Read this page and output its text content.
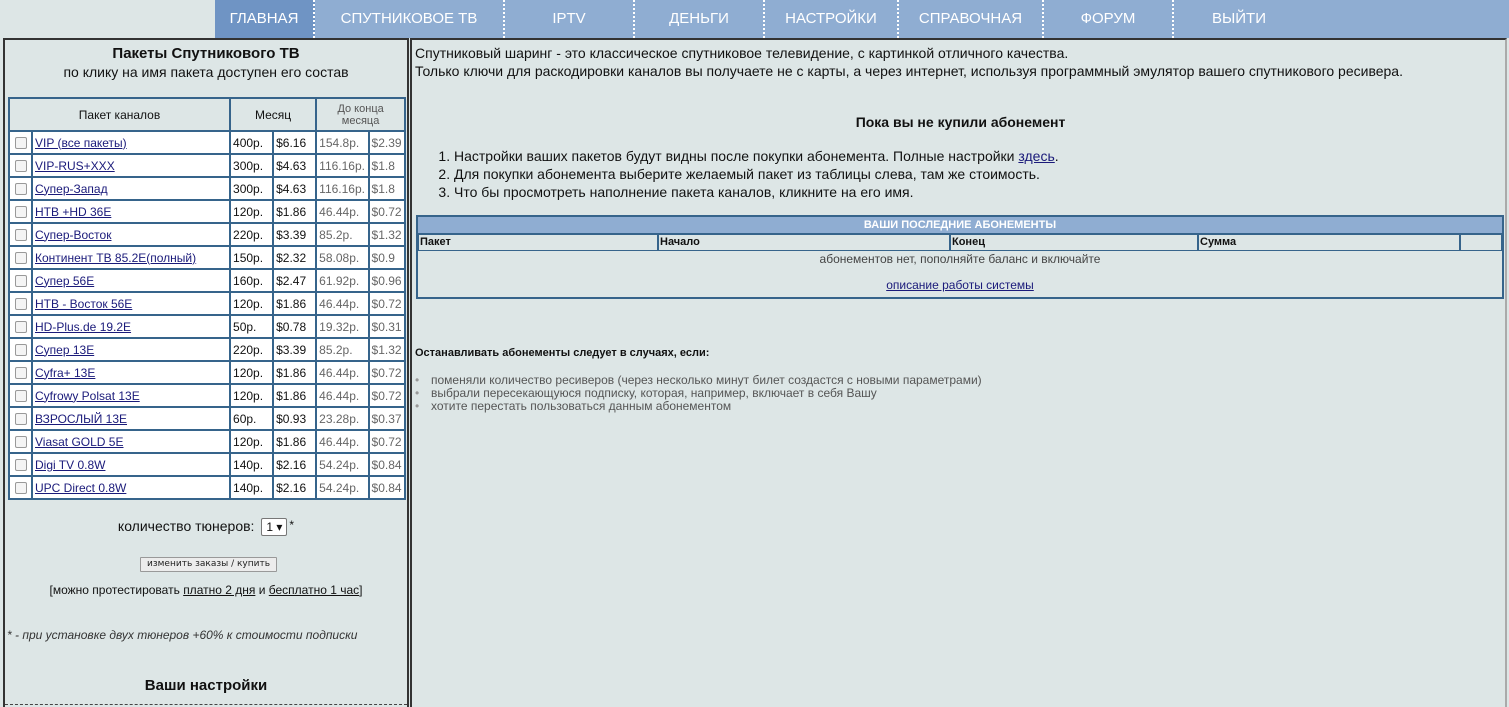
ГЛАВНАЯ	СПУТНИКОВОЕ ТВ	IPTV	ДЕНЬГИ	НАСТРОЙКИ	СПРАВОЧНАЯ	ФОРУМ	ВЫЙТИ
Пакеты Спутникового ТВ
по клику на имя пакета доступен его состав
Пакет каналов		Месяц		До конца месяца	
	VIP (все пакеты)	400р.	$6.16	154.8р.	$2.39
	VIP-RUS+XXX	300р.	$4.63	116.16р.	$1.8
	Супер-Запад	300р.	$4.63	116.16р.	$1.8
	НТВ +HD 36E	120р.	$1.86	46.44р.	$0.72
	Супер-Восток	220р.	$3.39	85.2р.	$1.32
	Континент ТВ 85.2E(полный)	150р.	$2.32	58.08р.	$0.9
	Супер 56E	160р.	$2.47	61.92р.	$0.96
	НТВ - Восток 56E	120р.	$1.86	46.44р.	$0.72
	HD-Plus.de 19.2E	50р.	$0.78	19.32р.	$0.31
	Супер 13E	220р.	$3.39	85.2р.	$1.32
	Cyfra+ 13E	120р.	$1.86	46.44р.	$0.72
	Cyfrowy Polsat 13E	120р.	$1.86	46.44р.	$0.72
	ВЗРОСЛЫЙ 13E	60р.	$0.93	23.28р.	$0.37
	Viasat GOLD 5E	120р.	$1.86	46.44р.	$0.72
	Digi TV 0.8W	140р.	$2.16	54.24р.	$0.84
	UPC Direct 0.8W	140р.	$2.16	54.24р.	$0.84
количество тюнеров: 1 ▾ *
изменить заказы / купить
[можно протестировать платно 2 дня и бесплатно 1 час]
* - при установке двух тюнеров +60% к стоимости подписки
Ваши настройки
Спутниковый шаринг - это классическое спутниковое телевидение, с картинкой отличного качества.
Только ключи для раскодировки каналов вы получаете не с карты, а через интернет, используя программный эмулятор вашего спутникового ресивера.
Пока вы не купили абонемент
1. Настройки ваших пакетов будут видны после покупки абонемента. Полные настройки здесь.
2. Для покупки абонемента выберите желаемый пакет из таблицы слева, там же стоимость.
3. Что бы просмотреть наполнение пакета каналов, кликните на его имя.
ВАШИ ПОСЛЕДНИЕ АБОНЕМЕНТЫ
Пакет	Начало	Конец	Сумма
абонементов нет, пополняйте баланс и включайте
описание работы системы
Останавливать абонементы следует в случаях, если:
• поменяли количество ресиверов (через несколько минут билет создастся с новыми параметрами)
• выбрали пересекающуюся подписку, которая, например, включает в себя Вашу
• хотите перестать пользоваться данным абонементом
